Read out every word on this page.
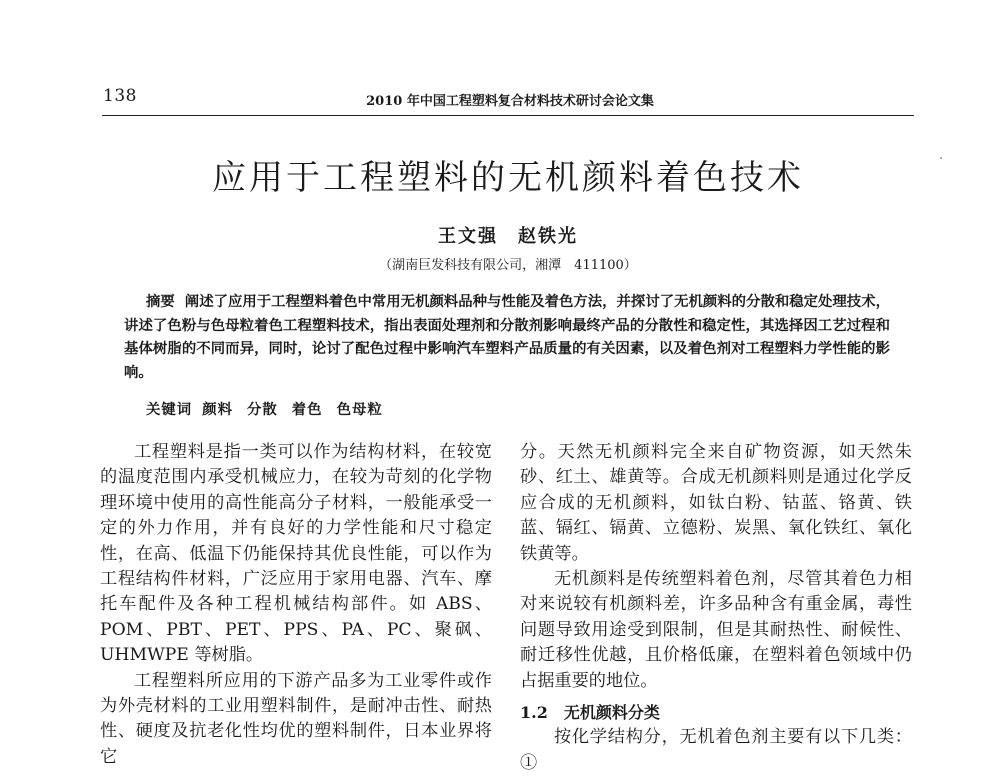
138	2010 年中国工程塑料复合材料技术研讨会论文集
应用于工程塑料的无机颜料着色技术
王文强　赵铁光
（湖南巨发科技有限公司，湘潭　411100）

摘要 阐述了应用于工程塑料着色中常用无机颜料品种与性能及着色方法，并探讨了无机颜料的分散和稳定处理技术，讲述了色粉与色母粒着色工程塑料技术，指出表面处理剂和分散剂影响最终产品的分散性和稳定性，其选择因工艺过程和基体树脂的不同而异，同时，论讨了配色过程中影响汽车塑料产品质量的有关因素，以及着色剂对工程塑料力学性能的影响。

关键词 颜料 分散 着色 色母粒

工程塑料是指一类可以作为结构材料，在较宽的温度范围内承受机械应力，在较为苛刻的化学物理环境中使用的高性能高分子材料，一般能承受一定的外力作用，并有良好的力学性能和尺寸稳定性，在高、低温下仍能保持其优良性能，可以作为工程结构件材料，广泛应用于家用电器、汽车、摩托车配件及各种工程机械结构部件。如 ABS、POM、PBT、PET、PPS、PA、PC、聚砜、UHMWPE 等树脂。

工程塑料所应用的下游产品多为工业零件或作为外壳材料的工业用塑料制件，是耐冲击性、耐热性、硬度及抗老化性均优的塑料制件，日本业界将它

分。天然无机颜料完全来自矿物资源，如天然朱砂、红土、雄黄等。合成无机颜料则是通过化学反应合成的无机颜料，如钛白粉、钴蓝、铬黄、铁蓝、镉红、镉黄、立德粉、炭黑、氧化铁红、氧化铁黄等。

无机颜料是传统塑料着色剂，尽管其着色力相对来说较有机颜料差，许多品种含有重金属，毒性问题导致用途受到限制，但是其耐热性、耐候性、耐迁移性优越，且价格低廉，在塑料着色领域中仍占据重要的地位。

1.2　无机颜料分类

按化学结构分，无机着色剂主要有以下几类：①
